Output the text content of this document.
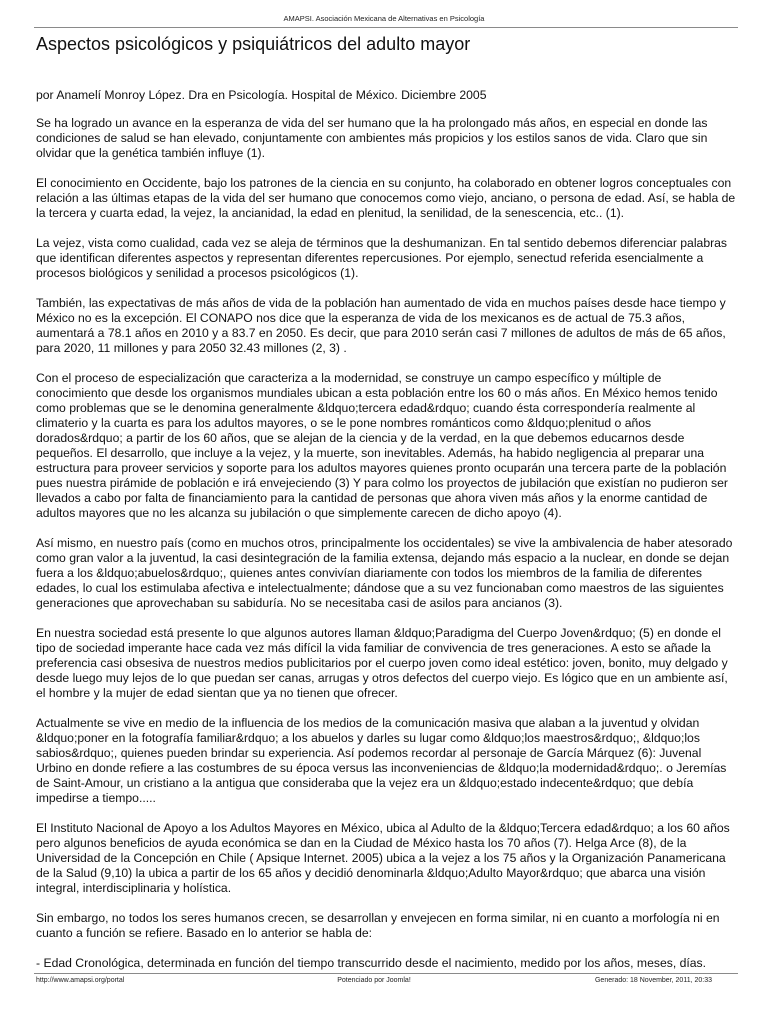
AMAPSI. Asociación Mexicana de Alternativas en Psicología
Aspectos psicológicos y psiquiátricos del adulto mayor

por Anamelí Monroy López. Dra en Psicología. Hospital de México. Diciembre 2005

Se ha logrado un avance en la esperanza de vida del ser humano que la ha prolongado más años, en especial en donde las condiciones de salud se han elevado, conjuntamente con ambientes más propicios y los estilos sanos de vida. Claro que sin olvidar que la genética también influye (1).

El conocimiento en Occidente, bajo los patrones de la ciencia en su conjunto, ha colaborado en obtener logros conceptuales con relación a las últimas etapas de la vida del ser humano que conocemos como viejo, anciano, o persona de edad. Así, se habla de la tercera y cuarta edad, la vejez, la ancianidad, la edad en plenitud, la senilidad, de la senescencia, etc.. (1).

La vejez, vista como cualidad, cada vez se aleja de términos que la deshumanizan. En tal sentido debemos diferenciar palabras que identifican diferentes aspectos y representan diferentes repercusiones. Por ejemplo, senectud referida esencialmente a procesos biológicos y senilidad a procesos psicológicos (1).

También, las expectativas de más años de vida de la población han aumentado de vida en muchos países desde hace tiempo y México no es la excepción. El CONAPO nos dice que la esperanza de vida de los mexicanos es de actual de 75.3 años, aumentará a 78.1 años en 2010 y a 83.7 en 2050. Es decir, que para 2010 serán casi 7 millones de adultos de más de 65 años, para 2020, 11 millones y para 2050 32.43 millones (2, 3) .

Con el proceso de especialización que caracteriza a la modernidad, se construye un campo específico y múltiple de conocimiento que desde los organismos mundiales ubican a esta población entre los 60 o más años. En México hemos tenido como problemas que se le denomina generalmente &ldquo;tercera edad&rdquo; cuando ésta correspondería realmente al climaterio y la cuarta es para los adultos mayores, o se le pone nombres románticos como &ldquo;plenitud o años dorados&rdquo; a partir de los 60 años, que se alejan de la ciencia y de la verdad, en la que debemos educarnos desde pequeños. El desarrollo, que incluye a la vejez, y la muerte, son inevitables. Además, ha habido negligencia al preparar una estructura para proveer servicios y soporte para los adultos mayores quienes pronto ocuparán una tercera parte de la población pues nuestra pirámide de población e irá envejeciendo (3) Y para colmo los proyectos de jubilación que existían no pudieron ser llevados a cabo por falta de financiamiento para la cantidad de personas que ahora viven más años y la enorme cantidad de adultos mayores que no les alcanza su jubilación o que simplemente carecen de dicho apoyo (4).

Así mismo, en nuestro país (como en muchos otros, principalmente los occidentales) se vive la ambivalencia de haber atesorado como gran valor a la juventud, la casi desintegración de la familia extensa, dejando más espacio a la nuclear, en donde se dejan fuera a los &ldquo;abuelos&rdquo;, quienes antes convivían diariamente con todos los miembros de la familia de diferentes edades, lo cual los estimulaba afectiva e intelectualmente; dándose que a su vez funcionaban como maestros de las siguientes generaciones que aprovechaban su sabiduría. No se necesitaba casi de asilos para ancianos (3).

En nuestra sociedad está presente lo que algunos autores llaman &ldquo;Paradigma del Cuerpo Joven&rdquo; (5) en donde el tipo de sociedad imperante hace cada vez más difícil la vida familiar de convivencia de tres generaciones. A esto se añade la preferencia casi obsesiva de nuestros medios publicitarios por el cuerpo joven como ideal estético: joven, bonito, muy delgado y desde luego muy lejos de lo que puedan ser canas, arrugas y otros defectos del cuerpo viejo. Es lógico que en un ambiente así, el hombre y la mujer de edad sientan que ya no tienen que ofrecer.

Actualmente se vive en medio de la influencia de los medios de la comunicación masiva que alaban a la juventud y olvidan &ldquo;poner en la fotografía familiar&rdquo; a los abuelos y darles su lugar como &ldquo;los maestros&rdquo;, &ldquo;los sabios&rdquo;, quienes pueden brindar su experiencia. Así podemos recordar al personaje de García Márquez (6): Juvenal Urbino en donde refiere a las costumbres de su época versus las inconveniencias de &ldquo;la modernidad&rdquo;. o Jeremías de Saint-Amour, un cristiano a la antigua que consideraba que la vejez era un &ldquo;estado indecente&rdquo; que debía impedirse a tiempo.....

El Instituto Nacional de Apoyo a los Adultos Mayores en México, ubica al Adulto de la &ldquo;Tercera edad&rdquo; a los 60 años pero algunos beneficios de ayuda económica se dan en la Ciudad de México hasta los 70 años (7). Helga Arce (8), de la Universidad de la Concepción en Chile ( Apsique Internet. 2005) ubica a la vejez a los 75 años y la Organización Panamericana de la Salud (9,10) la ubica a partir de los 65 años y decidió denominarla &ldquo;Adulto Mayor&rdquo; que abarca una visión integral, interdisciplinaria y holística.

Sin embargo, no todos los seres humanos crecen, se desarrollan y envejecen en forma similar, ni en cuanto a morfología ni en cuanto a función se refiere. Basado en lo anterior se habla de:

- Edad Cronológica, determinada en función del tiempo transcurrido desde el nacimiento, medido por los años, meses, días.

http://www.amapsi.org/portal	Potenciado por Joomla!	Generado: 18 November, 2011, 20:33
